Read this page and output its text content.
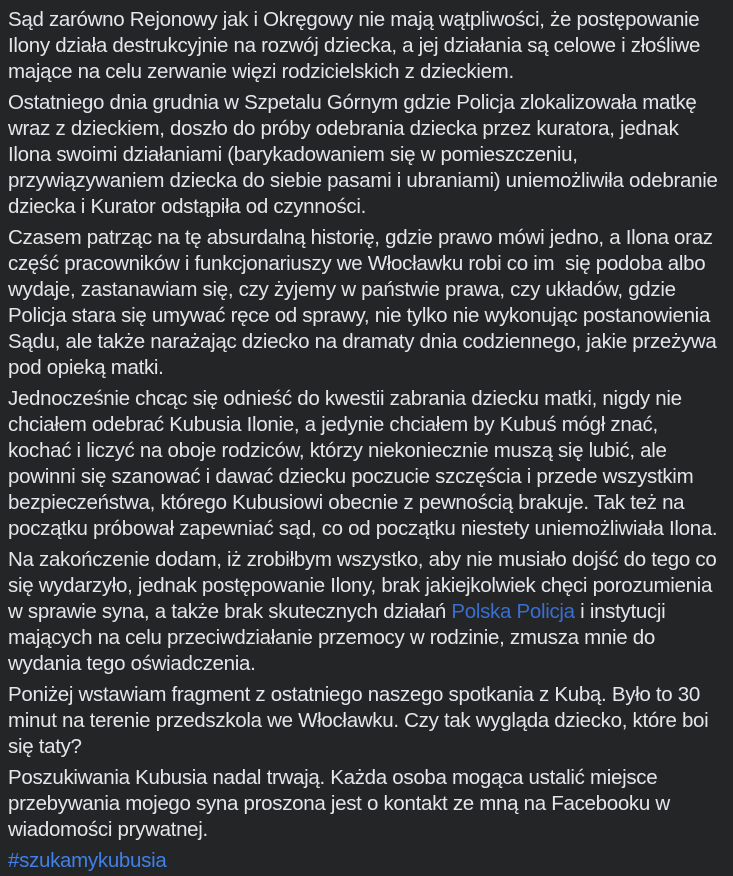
Sąd zarówno Rejonowy jak i Okręgowy nie mają wątpliwości, że postępowanie Ilony działa destrukcyjnie na rozwój dziecka, a jej działania są celowe i złośliwe mające na celu zerwanie więzi rodzicielskich z dzieckiem.

Ostatniego dnia grudnia w Szpetalu Górnym gdzie Policja zlokalizowała matkę wraz z dzieckiem, doszło do próby odebrania dziecka przez kuratora, jednak Ilona swoimi działaniami (barykadowaniem się w pomieszczeniu, przywiązywaniem dziecka do siebie pasami i ubraniami) uniemożliwiła odebranie dziecka i Kurator odstąpiła od czynności.

Czasem patrząc na tę absurdalną historię, gdzie prawo mówi jedno, a Ilona oraz część pracowników i funkcjonariuszy we Włocławku robi co im  się podoba albo wydaje, zastanawiam się, czy żyjemy w państwie prawa, czy układów, gdzie Policja stara się umywać ręce od sprawy, nie tylko nie wykonując postanowienia Sądu, ale także narażając dziecko na dramaty dnia codziennego, jakie przeżywa pod opieką matki.

Jednocześnie chcąc się odnieść do kwestii zabrania dziecku matki, nigdy nie chciałem odebrać Kubusia Ilonie, a jedynie chciałem by Kubuś mógł znać, kochać i liczyć na oboje rodziców, którzy niekoniecznie muszą się lubić, ale powinni się szanować i dawać dziecku poczucie szczęścia i przede wszystkim bezpieczeństwa, którego Kubusiowi obecnie z pewnością brakuje. Tak też na początku próbował zapewniać sąd, co od początku niestety uniemożliwiała Ilona.

Na zakończenie dodam, iż zrobiłbym wszystko, aby nie musiało dojść do tego co się wydarzyło, jednak postępowanie Ilony, brak jakiejkolwiek chęci porozumienia w sprawie syna, a także brak skutecznych działań Polska Policja i instytucji mających na celu przeciwdziałanie przemocy w rodzinie, zmusza mnie do wydania tego oświadczenia.

Poniżej wstawiam fragment z ostatniego naszego spotkania z Kubą. Było to 30 minut na terenie przedszkola we Włocławku. Czy tak wygląda dziecko, które boi się taty?

Poszukiwania Kubusia nadal trwają. Każda osoba mogąca ustalić miejsce przebywania mojego syna proszona jest o kontakt ze mną na Facebooku w wiadomości prywatnej.

#szukamykubusia
